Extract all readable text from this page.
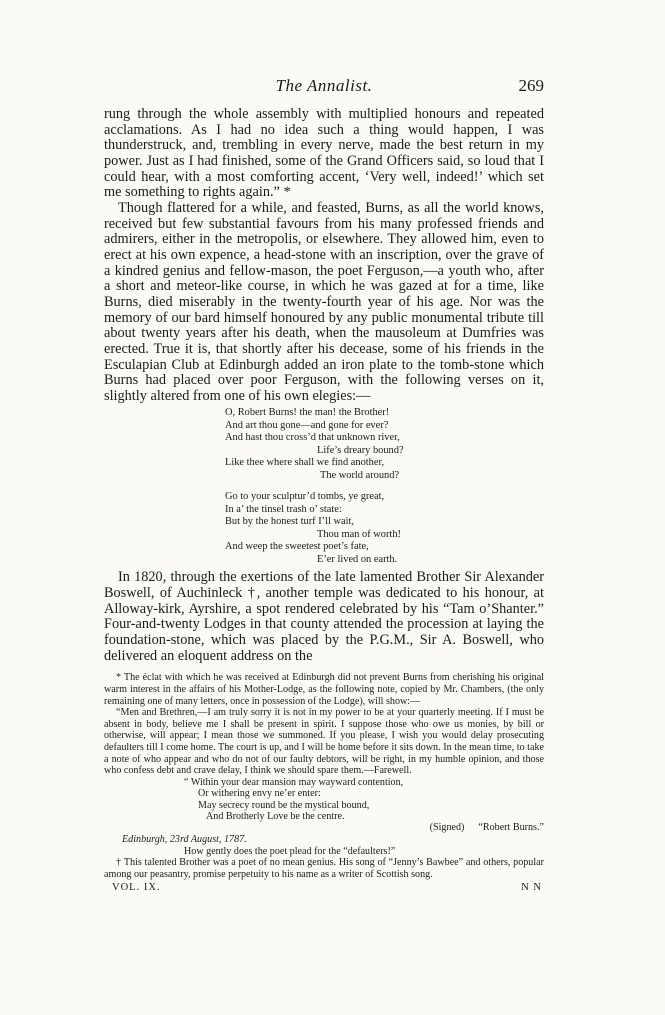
The Annalist.	269

rung through the whole assembly with multiplied honours and repeated acclamations. As I had no idea such a thing would happen, I was thunderstruck, and, trembling in every nerve, made the best return in my power. Just as I had finished, some of the Grand Officers said, so loud that I could hear, with a most comforting accent, ‘Very well, indeed!’ which set me something to rights again.” *

Though flattered for a while, and feasted, Burns, as all the world knows, received but few substantial favours from his many professed friends and admirers, either in the metropolis, or elsewhere. They allowed him, even to erect at his own expence, a head-stone with an inscription, over the grave of a kindred genius and fellow-mason, the poet Ferguson,—a youth who, after a short and meteor-like course, in which he was gazed at for a time, like Burns, died miserably in the twenty-fourth year of his age. Nor was the memory of our bard himself honoured by any public monumental tribute till about twenty years after his death, when the mausoleum at Dumfries was erected. True it is, that shortly after his decease, some of his friends in the Esculapian Club at Edinburgh added an iron plate to the tomb-stone which Burns had placed over poor Ferguson, with the following verses on it, slightly altered from one of his own elegies:—

O, Robert Burns! the man! the Brother!
And art thou gone—and gone for ever?
And hast thou cross’d that unknown river,
Life’s dreary bound?
Like thee where shall we find another,
The world around?
Go to your sculptur’d tombs, ye great,
In a’ the tinsel trash o’ state:
But by the honest turf I’ll wait,
Thou man of worth!
And weep the sweetest poet’s fate,
E’er lived on earth.

In 1820, through the exertions of the late lamented Brother Sir Alexander Boswell, of Auchinleck †, another temple was dedicated to his honour, at Alloway-kirk, Ayrshire, a spot rendered celebrated by his “Tam o’Shanter.” Four-and-twenty Lodges in that county attended the procession at laying the foundation-stone, which was placed by the P.G.M., Sir A. Boswell, who delivered an eloquent address on the

* The éclat with which he was received at Edinburgh did not prevent Burns from cherishing his original warm interest in the affairs of his Mother-Lodge, as the following note, copied by Mr. Chambers, (the only remaining one of many letters, once in possession of the Lodge), will show:—

“Men and Brethren,—I am truly sorry it is not in my power to be at your quarterly meeting. If I must be absent in body, believe me I shall be present in spirit. I suppose those who owe us monies, by bill or otherwise, will appear; I mean those we summoned. If you please, I wish you would delay prosecuting defaulters till I come home. The court is up, and I will be home before it sits down. In the mean time, to take a note of who appear and who do not of our faulty debtors, will be right, in my humble opinion, and those who confess debt and crave delay, I think we should spare them.—Farewell.

“ Within your dear mansion may wayward contention,
Or withering envy ne’er enter:
May secrecy round be the mystical bound,
And Brotherly Love be the centre.
(Signed) “Robert Burns.”
Edinburgh, 23rd August, 1787.
How gently does the poet plead for the “defaulters!”

† This talented Brother was a poet of no mean genius. His song of “Jenny’s Bawbee” and others, popular among our peasantry, promise perpetuity to his name as a writer of Scottish song.

VOL. IX.	N N
